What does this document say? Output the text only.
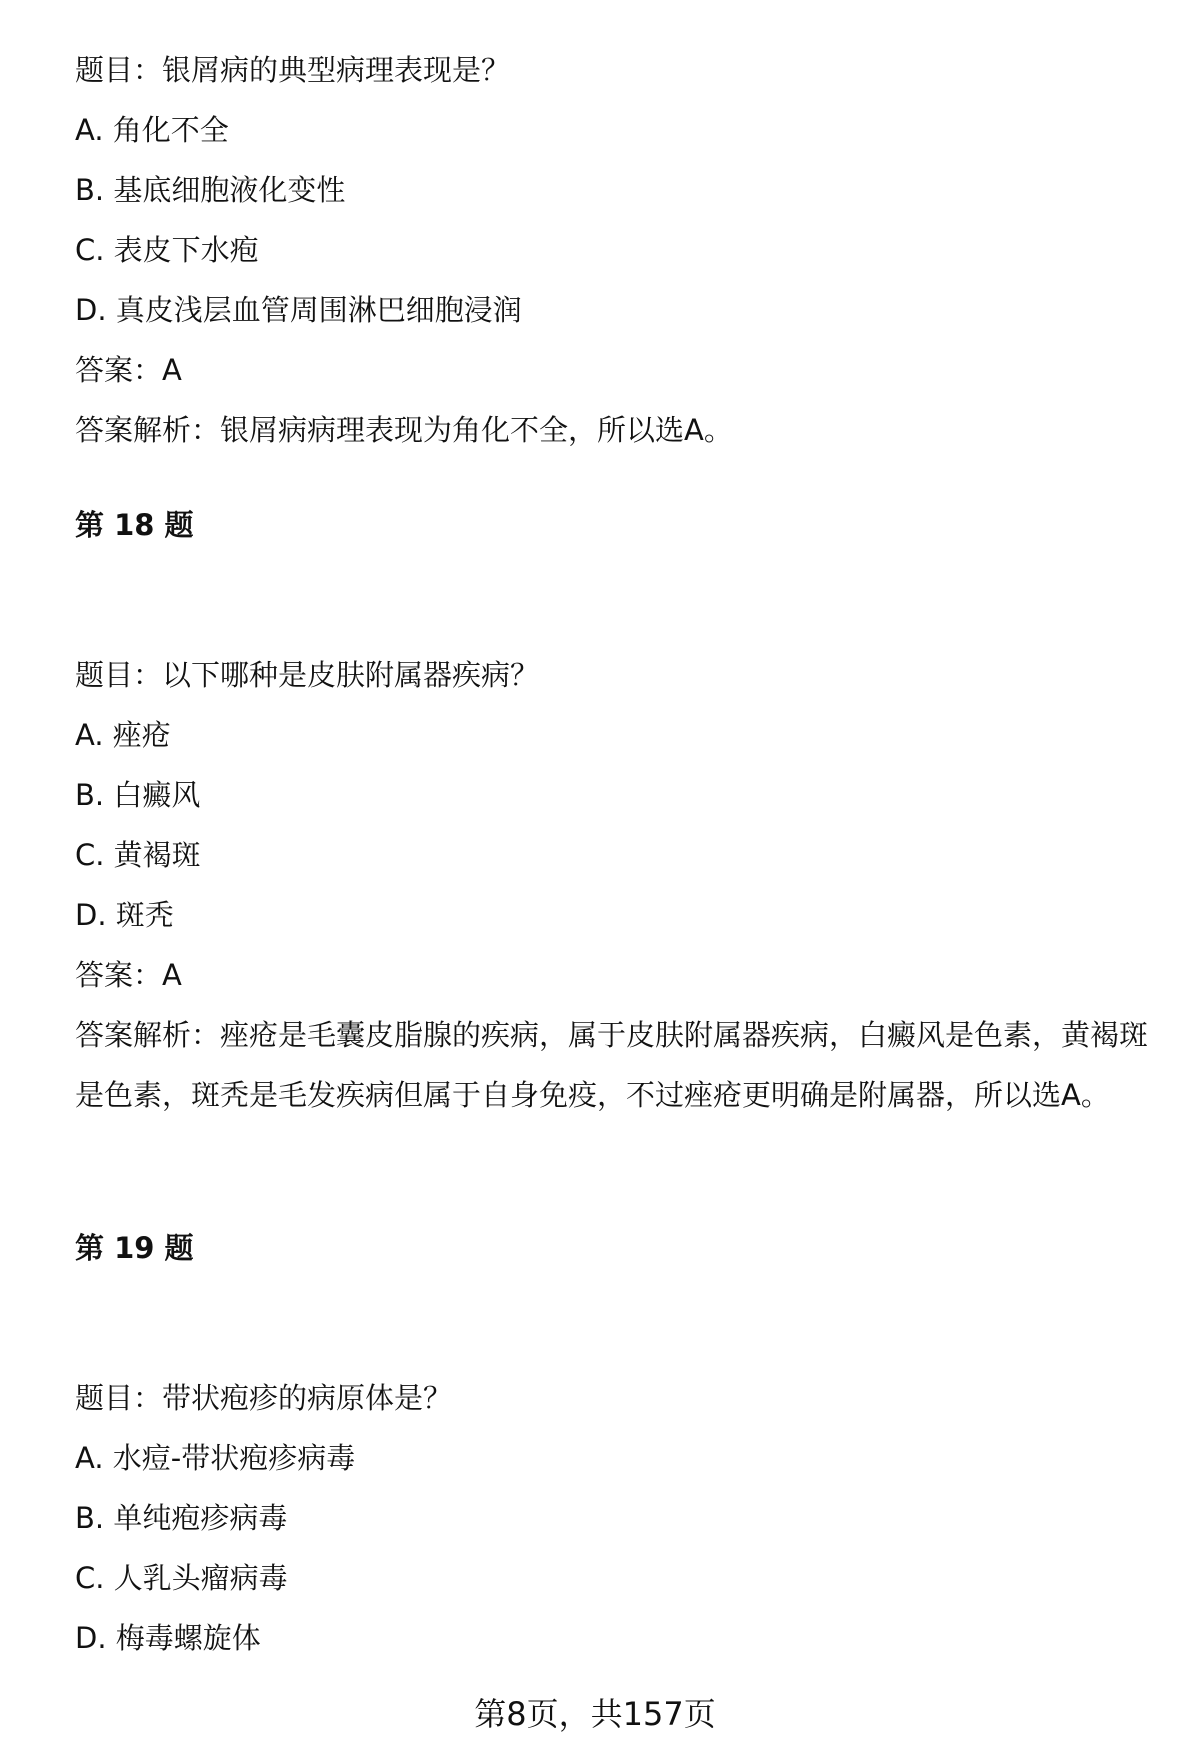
题目：银屑病的典型病理表现是？
A. 角化不全
B. 基底细胞液化变性
C. 表皮下水疱
D. 真皮浅层血管周围淋巴细胞浸润
答案：A
答案解析：银屑病病理表现为角化不全，所以选A。
第 18 题
题目：以下哪种是皮肤附属器疾病？
A. 痤疮
B. 白癜风
C. 黄褐斑
D. 斑秃
答案：A
答案解析：痤疮是毛囊皮脂腺的疾病，属于皮肤附属器疾病，白癜风是色素，黄褐斑是色素，斑秃是毛发疾病但属于自身免疫，不过痤疮更明确是附属器，所以选A。
第 19 题
题目：带状疱疹的病原体是？
A. 水痘-带状疱疹病毒
B. 单纯疱疹病毒
C. 人乳头瘤病毒
D. 梅毒螺旋体
第8页，共157页
